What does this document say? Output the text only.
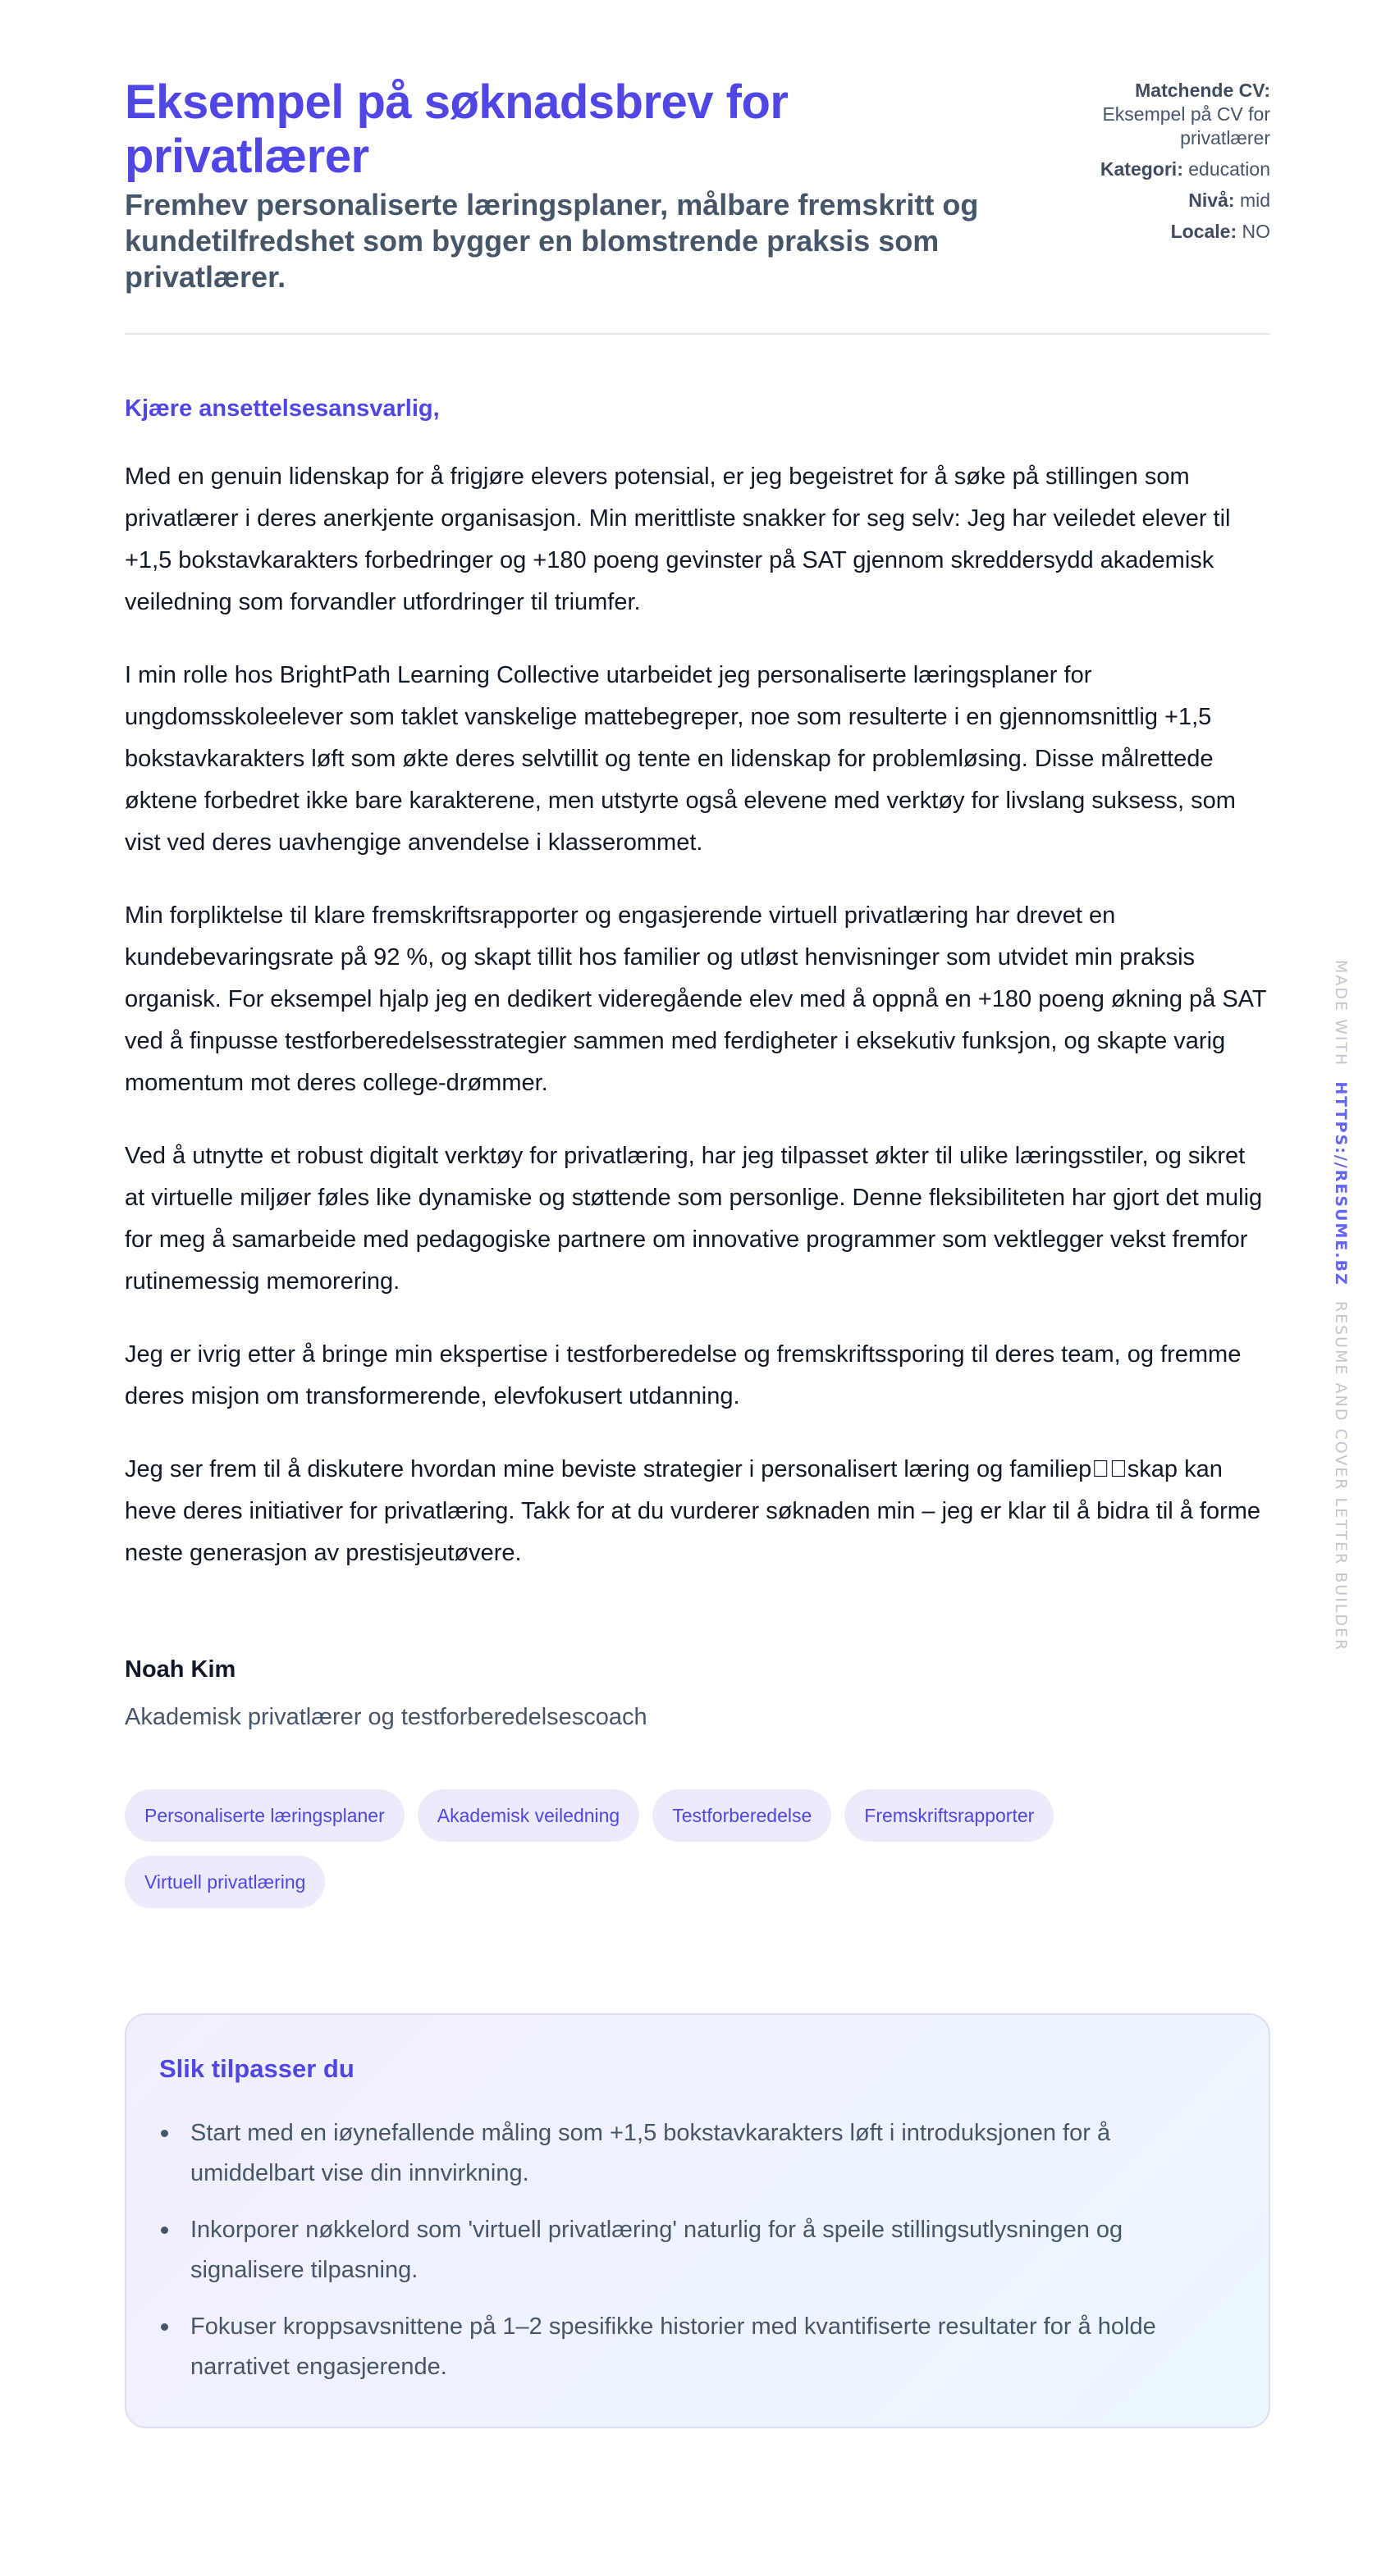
Eksempel på søknadsbrev for privatlærer
Fremhev personaliserte læringsplaner, målbare fremskritt og kundetilfredshet som bygger en blomstrende praksis som privatlærer.
Matchende CV:
Eksempel på CV for privatlærer
Kategori: education
Nivå: mid
Locale: NO

Kjære ansettelsesansvarlig,

Med en genuin lidenskap for å frigjøre elevers potensial, er jeg begeistret for å søke på stillingen som privatlærer i deres anerkjente organisasjon. Min merittliste snakker for seg selv: Jeg har veiledet elever til +1,5 bokstavkarakters forbedringer og +180 poeng gevinster på SAT gjennom skreddersydd akademisk veiledning som forvandler utfordringer til triumfer.

I min rolle hos BrightPath Learning Collective utarbeidet jeg personaliserte læringsplaner for ungdomsskoleelever som taklet vanskelige mattebegreper, noe som resulterte i en gjennomsnittlig +1,5 bokstavkarakters løft som økte deres selvtillit og tente en lidenskap for problemløsing. Disse målrettede øktene forbedret ikke bare karakterene, men utstyrte også elevene med verktøy for livslang suksess, som vist ved deres uavhengige anvendelse i klasserommet.

Min forpliktelse til klare fremskriftsrapporter og engasjerende virtuell privatlæring har drevet en kundebevaringsrate på 92 %, og skapt tillit hos familier og utløst henvisninger som utvidet min praksis organisk. For eksempel hjalp jeg en dedikert videregående elev med å oppnå en +180 poeng økning på SAT ved å finpusse testforberedelsesstrategier sammen med ferdigheter i eksekutiv funksjon, og skapte varig momentum mot deres college-drømmer.

Ved å utnytte et robust digitalt verktøy for privatlæring, har jeg tilpasset økter til ulike læringsstiler, og sikret at virtuelle miljøer føles like dynamiske og støttende som personlige. Denne fleksibiliteten har gjort det mulig for meg å samarbeide med pedagogiske partnere om innovative programmer som vektlegger vekst fremfor rutinemessig memorering.

Jeg er ivrig etter å bringe min ekspertise i testforberedelse og fremskriftssporing til deres team, og fremme deres misjon om transformerende, elevfokusert utdanning.

Jeg ser frem til å diskutere hvordan mine beviste strategier i personalisert læring og familiep  skap kan heve deres initiativer for privatlæring. Takk for at du vurderer søknaden min – jeg er klar til å bidra til å forme neste generasjon av prestisjeutøvere.

Noah Kim

Akademisk privatlærer og testforberedelsescoach

Personaliserte læringsplaner	Akademisk veiledning	Testforberedelse	Fremskriftsrapporter
Virtuell privatlæring
Slik tilpasser du
Start med en iøynefallende måling som +1,5 bokstavkarakters løft i introduksjonen for å umiddelbart vise din innvirkning.
Inkorporer nøkkelord som 'virtuell privatlæring' naturlig for å speile stillingsutlysningen og signalisere tilpasning.
Fokuser kroppsavsnittene på 1–2 spesifikke historier med kvantifiserte resultater for å holde narrativet engasjerende.
MADE WITH HTTPS://RESUME.BZ RESUME AND COVER LETTER BUILDER
